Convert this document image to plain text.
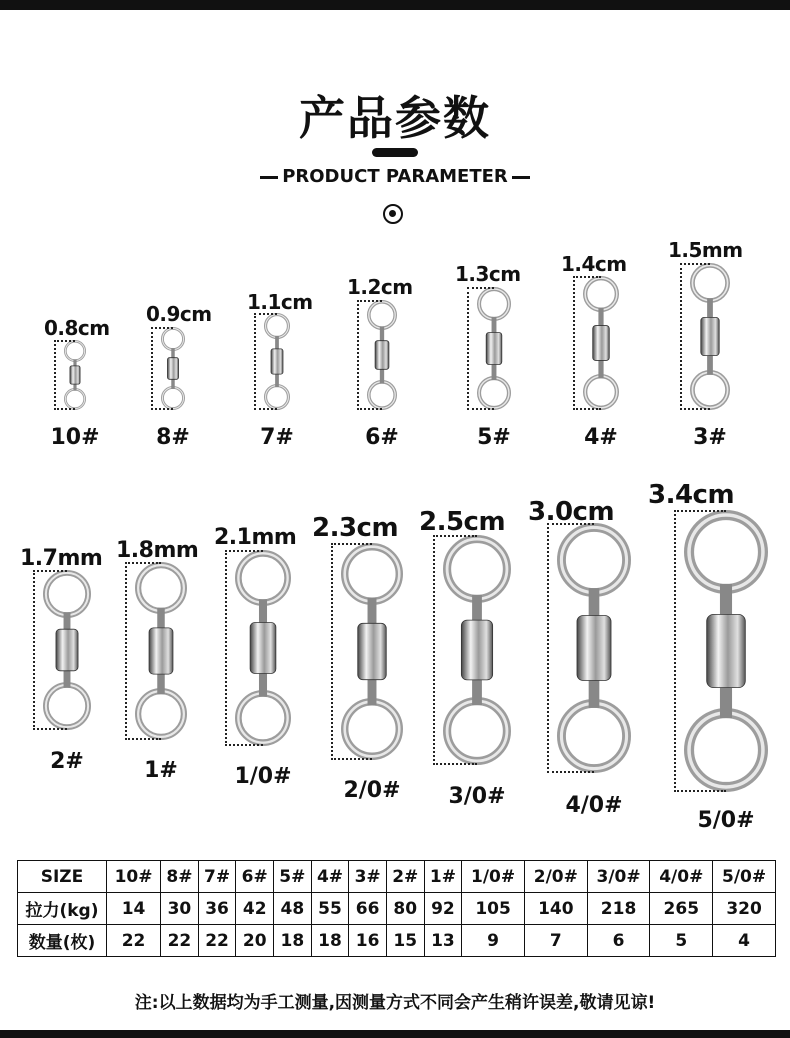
产品参数
PRODUCT PARAMETER
0.8cm
10#
0.9cm
8#
1.1cm
7#
1.2cm
6#
1.3cm
5#
1.4cm
4#
1.5mm
3#
1.7mm
2#
1.8mm
1#
2.1mm
1/0#
2.3cm
2/0#
2.5cm
3/0#
3.0cm
4/0#
3.4cm
5/0#
SIZE	10#	8#	7#	6#	5#	4#	3#	2#	1#	1/0#	2/0#	3/0#	4/0#	5/0#
拉力(kg)	14	30	36	42	48	55	66	80	92	105	140	218	265	320
数量(枚)	22	22	22	20	18	18	16	15	13	9	7	6	5	4
注:以上数据均为手工测量,因测量方式不同会产生稍许误差,敬请见谅!
